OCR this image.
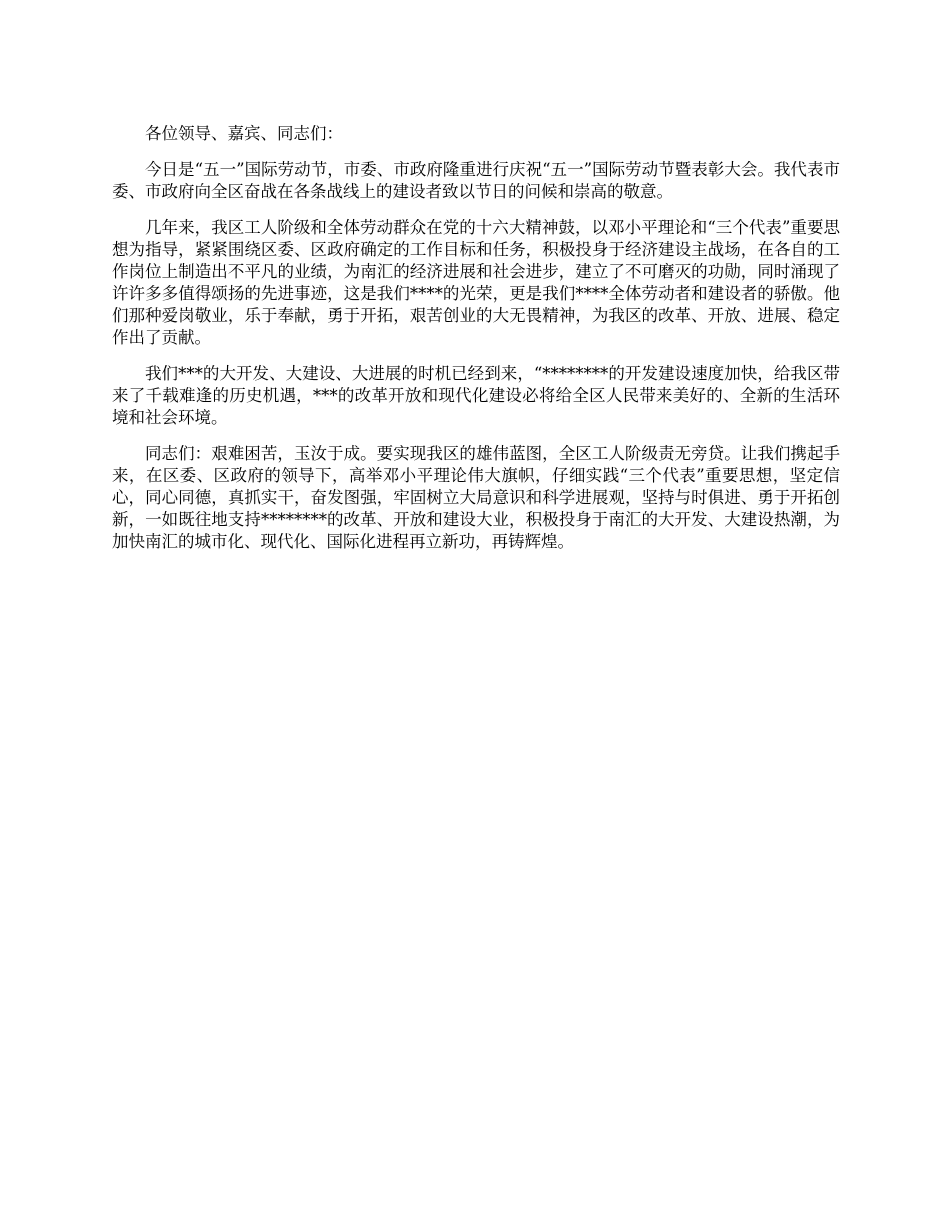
各位领导、嘉宾、同志们：

今日是“五一”国际劳动节，市委、市政府隆重进行庆祝“五一”国际劳动节暨表彰大会。我代表市委、市政府向全区奋战在各条战线上的建设者致以节日的问候和崇高的敬意。

几年来，我区工人阶级和全体劳动群众在党的十六大精神鼓，以邓小平理论和“三个代表”重要思想为指导，紧紧围绕区委、区政府确定的工作目标和任务，积极投身于经济建设主战场，在各自的工作岗位上制造出不平凡的业绩，为南汇的经济进展和社会进步，建立了不可磨灭的功勋，同时涌现了许许多多值得颂扬的先进事迹，这是我们****的光荣，更是我们****全体劳动者和建设者的骄傲。他们那种爱岗敬业，乐于奉献，勇于开拓，艰苦创业的大无畏精神，为我区的改革、开放、进展、稳定作出了贡献。

我们***的大开发、大建设、大进展的时机已经到来，“********的开发建设速度加快，给我区带来了千载难逢的历史机遇，***的改革开放和现代化建设必将给全区人民带来美好的、全新的生活环境和社会环境。

同志们：艰难困苦，玉汝于成。要实现我区的雄伟蓝图，全区工人阶级责无旁贷。让我们携起手来，在区委、区政府的领导下，高举邓小平理论伟大旗帜，仔细实践“三个代表”重要思想，坚定信心，同心同德，真抓实干，奋发图强，牢固树立大局意识和科学进展观，坚持与时俱进、勇于开拓创新，一如既往地支持********的改革、开放和建设大业，积极投身于南汇的大开发、大建设热潮，为加快南汇的城市化、现代化、国际化进程再立新功，再铸辉煌。
